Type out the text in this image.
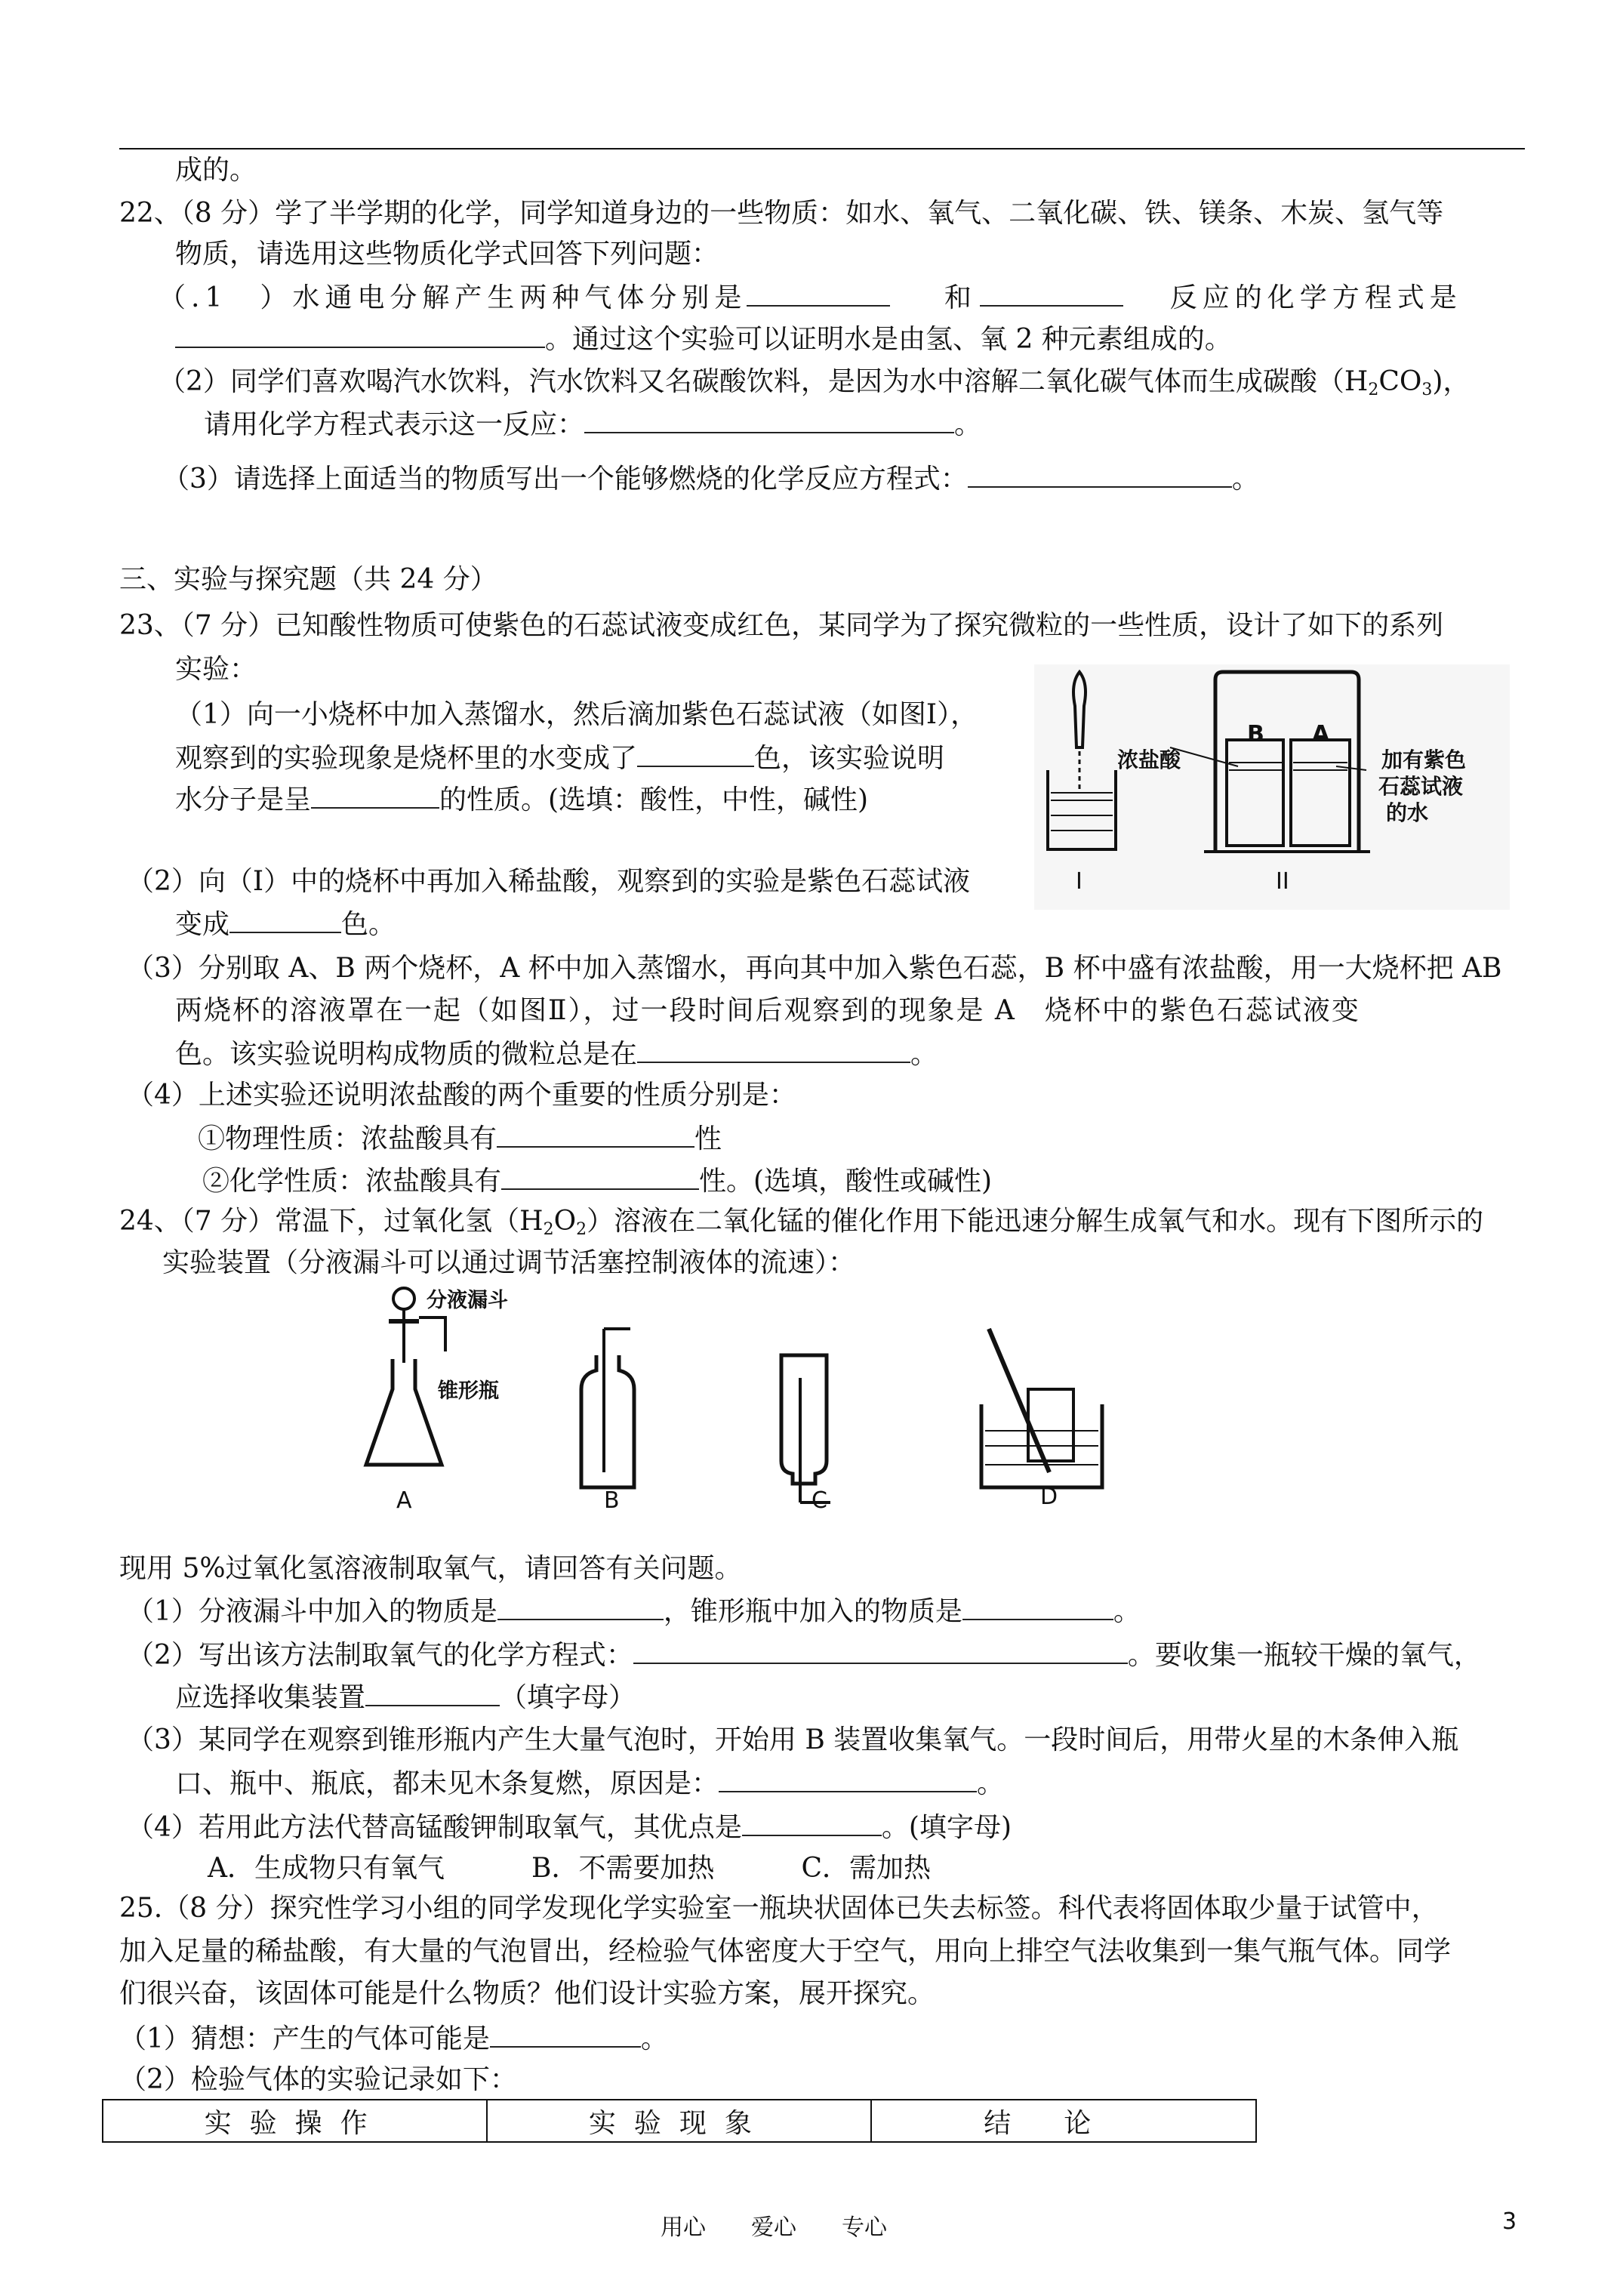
成的。
22、（8 分）学了半学期的化学，同学知道身边的一些物质：如水、氧气、二氧化碳、铁、镁条、木炭、氢气等
物质，请选用这些物质化学式回答下列问题：
（.1　）水通电分解产生两种气体分别是	和	反应的化学方程式是
。通过这个实验可以证明水是由氢、氧 2 种元素组成的。
（2）同学们喜欢喝汽水饮料，汽水饮料又名碳酸饮料，是因为水中溶解二氧化碳气体而生成碳酸$(H_2CO_3)$，
请用化学方程式表示这一反应：	。
（3）请选择上面适当的物质写出一个能够燃烧的化学反应方程式：	。
三、实验与探究题（共 24 分）
23、（7 分）已知酸性物质可使紫色的石蕊试液变成红色，某同学为了探究微粒的一些性质，设计了如下的系列
实验：
（1）向一小烧杯中加入蒸馏水，然后滴加紫色石蕊试液（如图Ⅰ），
观察到的实验现象是烧杯里的水变成了	色，该实验说明
水分子是呈	的性质。(选填：酸性，中性，碱性)
B A
浓盐酸	加有紫色
石蕊试液
的水
I	II
（2）向（Ⅰ）中的烧杯中再加入稀盐酸，观察到的实验是紫色石蕊试液
变成	色。
（3）分别取 A、B 两个烧杯，A 杯中加入蒸馏水，再向其中加入紫色石蕊，B 杯中盛有浓盐酸，用一大烧杯把 AB
两烧杯的溶液罩在一起（如图Ⅱ），过一段时间后观察到的现象是 A　烧杯中的紫色石蕊试液变
色。该实验说明构成物质的微粒总是在	。
（4）上述实验还说明浓盐酸的两个重要的性质分别是：
①物理性质：浓盐酸具有	性
②化学性质：浓盐酸具有	性。(选填，酸性或碱性)
24、（7 分）常温下，过氧化氢$(H_2O_2)$溶液在二氧化锰的催化作用下能迅速分解生成氧气和水。现有下图所示的
实验装置（分液漏斗可以通过调节活塞控制液体的流速）：
分液漏斗
锥形瓶
A	B	C	D
现用 5%过氧化氢溶液制取氧气，请回答有关问题。
（1）分液漏斗中加入的物质是	，锥形瓶中加入的物质是	。
（2）写出该方法制取氧气的化学方程式：	。要收集一瓶较干燥的氧气，
应选择收集装置	（填字母）
（3）某同学在观察到锥形瓶内产生大量气泡时，开始用 B 装置收集氧气。一段时间后，用带火星的木条伸入瓶
口、瓶中、瓶底，都未见木条复燃，原因是：	。
（4）若用此方法代替高锰酸钾制取氧气，其优点是	。(填字母)
A．生成物只有氧气	B．不需要加热	C．需加热
25.（8 分）探究性学习小组的同学发现化学实验室一瓶块状固体已失去标签。科代表将固体取少量于试管中，
加入足量的稀盐酸，有大量的气泡冒出，经检验气体密度大于空气，用向上排空气法收集到一集气瓶气体。同学
们很兴奋，该固体可能是什么物质？他们设计实验方案，展开探究。
（1）猜想：产生的气体可能是	。
（2）检验气体的实验记录如下：
实验操作	实验现象	结论
用心　　爱心　　专心	3
